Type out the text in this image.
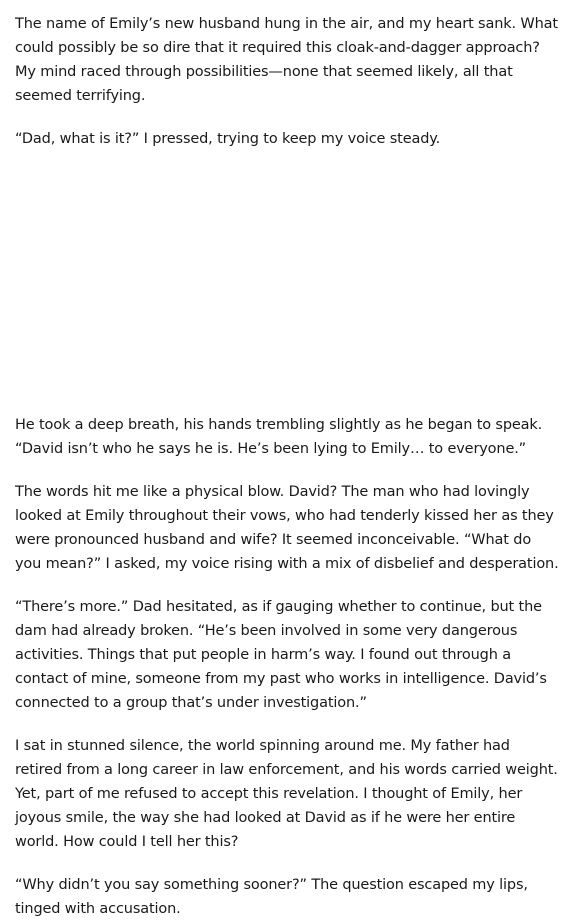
The name of Emily’s new husband hung in the air, and my heart sank. What could possibly be so dire that it required this cloak-and-dagger approach? My mind raced through possibilities—none that seemed likely, all that seemed terrifying.

“Dad, what is it?” I pressed, trying to keep my voice steady.

He took a deep breath, his hands trembling slightly as he began to speak. “David isn’t who he says he is. He’s been lying to Emily… to everyone.”

The words hit me like a physical blow. David? The man who had lovingly looked at Emily throughout their vows, who had tenderly kissed her as they were pronounced husband and wife? It seemed inconceivable. “What do you mean?” I asked, my voice rising with a mix of disbelief and desperation.

“There’s more.” Dad hesitated, as if gauging whether to continue, but the dam had already broken. “He’s been involved in some very dangerous activities. Things that put people in harm’s way. I found out through a contact of mine, someone from my past who works in intelligence. David’s connected to a group that’s under investigation.”

I sat in stunned silence, the world spinning around me. My father had retired from a long career in law enforcement, and his words carried weight. Yet, part of me refused to accept this revelation. I thought of Emily, her joyous smile, the way she had looked at David as if he were her entire world. How could I tell her this?

“Why didn’t you say something sooner?” The question escaped my lips, tinged with accusation.
